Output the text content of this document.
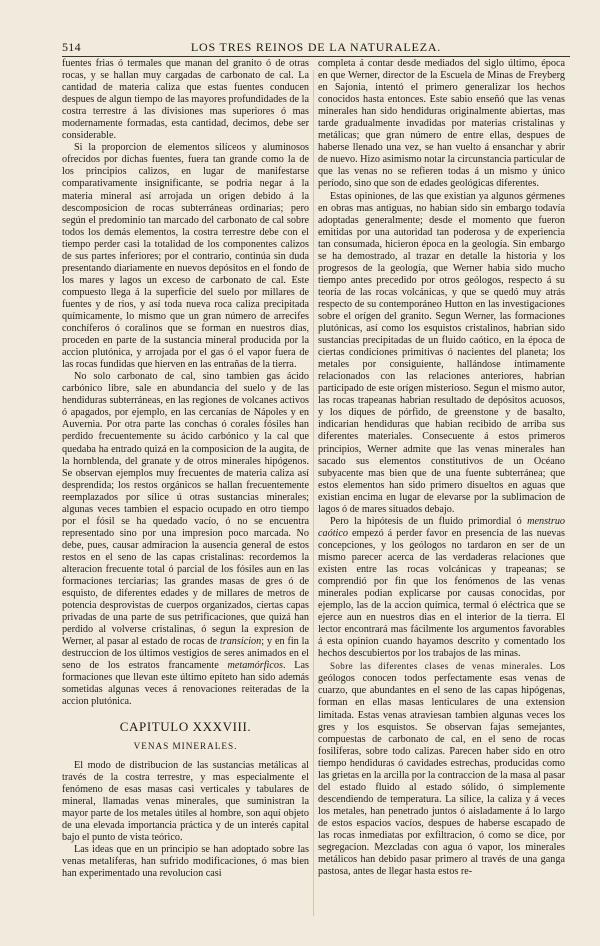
514	LOS TRES REINOS DE LA NATURALEZA.

fuentes frias ó termales que manan del granito ó de otras rocas, y se hallan muy cargadas de carbonato de cal. La cantidad de materia caliza que estas fuentes conducen despues de algun tiempo de las mayores profundidades de la costra terrestre á las divisiones mas superiores ó mas modernamente formadas, esta cantidad, decimos, debe ser considerable.

Si la proporcion de elementos silíceos y aluminosos ofrecidos por dichas fuentes, fuera tan grande como la de los principios calizos, en lugar de manifestarse comparativamente insignificante, se podria negar á la materia mineral así arrojada un origen debido á la descomposicion de rocas subterráneas ordinarias; pero según el predominio tan marcado del carbonato de cal sobre todos los demás elementos, la costra terrestre debe con el tiempo perder casi la totalidad de los componentes calizos de sus partes inferiores; por el contrario, continúa sin duda presentando diariamente en nuevos depósitos en el fondo de los mares y lagos un exceso de carbonato de cal. Este compuesto llega á la superficie del suelo por millares de fuentes y de rios, y así toda nueva roca caliza precipitada químicamente, lo mismo que un gran número de arrecifes conchíferos ó coralinos que se forman en nuestros dias, proceden en parte de la sustancia mineral producida por la accion plutónica, y arrojada por el gas ó el vapor fuera de las rocas fundidas que hierven en las entrañas de la tierra.

No solo carbonato de cal, sino tambien gas ácido carbónico libre, sale en abundancia del suelo y de las hendiduras subterráneas, en las regiones de volcanes activos ó apagados, por ejemplo, en las cercanías de Nápoles y en Auvernia. Por otra parte las conchas ó corales fósiles han perdido frecuentemente su ácido carbónico y la cal que quedaba ha entrado quizá en la composicion de la augita, de la hornblenda, del granate y de otros minerales hipógenos. Se observan ejemplos muy frecuentes de materia caliza así desprendida; los restos orgánicos se hallan frecuentemente reemplazados por sílice ú otras sustancias minerales; algunas veces tambien el espacio ocupado en otro tiempo por el fósil se ha quedado vacío, ó no se encuentra representado sino por una impresion poco marcada. No debe, pues, causar admiracion la ausencia general de estos restos en el seno de las capas cristalinas: recordemos la alteracion frecuente total ó parcial de los fósiles aun en las formaciones terciarias; las grandes masas de gres ó de esquisto, de diferentes edades y de millares de metros de potencia desprovistas de cuerpos organizados, ciertas capas privadas de una parte de sus petrificaciones, que quizá han perdido al volverse cristalinas, ó segun la expresion de Werner, al pasar al estado de rocas de transicion; y en fin la destruccion de los últimos vestigios de seres animados en el seno de los estratos francamente metamórficos. Las formaciones que llevan este último epíteto han sido además sometidas algunas veces á renovaciones reiteradas de la accion plutónica.

CAPITULO XXXVIII.
VENAS MINERALES.

El modo de distribucion de las sustancias metálicas al través de la costra terrestre, y mas especialmente el fenómeno de esas masas casi verticales y tabulares de mineral, llamadas venas minerales, que suministran la mayor parte de los metales útiles al hombre, son aquí objeto de una elevada importancia práctica y de un interés capital bajo el punto de vista teórico.

Las ideas que en un principio se han adoptado sobre las venas metalíferas, han sufrido modificaciones, ó mas bien han experimentado una revolucion casi

completa á contar desde mediados del siglo último, época en que Werner, director de la Escuela de Minas de Freyberg en Sajonia, intentó el primero generalizar los hechos conocidos hasta entonces. Este sabio enseñó que las venas minerales han sido hendiduras originalmente abiertas, mas tarde gradualmente invadidas por materias cristalinas y metálicas; que gran número de entre ellas, despues de haberse llenado una vez, se han vuelto á ensanchar y abrir de nuevo. Hizo asimismo notar la circunstancia particular de que las venas no se refieren todas á un mismo y único período, sino que son de edades geológicas diferentes.

Estas opiniones, de las que existian ya algunos gérmenes en obras mas antiguas, no habian sido sin embargo todavía adoptadas generalmente; desde el momento que fueron emitidas por una autoridad tan poderosa y de experiencia tan consumada, hicieron época en la geología. Sin embargo se ha demostrado, al trazar en detalle la historia y los progresos de la geología, que Werner habia sido mucho tiempo antes precedido por otros geólogos, respecto á su teoría de las rocas volcánicas, y que se quedó muy atrás respecto de su contemporáneo Hutton en las investigaciones sobre el orígen del granito. Segun Werner, las formaciones plutónicas, así como los esquistos cristalinos, habrian sido sustancias precipitadas de un fluido caótico, en la época de ciertas condiciones primitivas ó nacientes del planeta; los metales por consiguiente, hallándose íntimamente relacionados con las relaciones anteriores, habrian participado de este orígen misterioso. Segun el mismo autor, las rocas trapeanas habrian resultado de depósitos acuosos, y los diques de pórfido, de greenstone y de basalto, indicarian hendiduras que habian recibido de arriba sus diferentes materiales. Consecuente á estos primeros principios, Werner admite que las venas minerales han sacado sus elementos constitutivos de un Océano subyacente mas bien que de una fuente subterránea; que estos elementos han sido primero disueltos en aguas que existian encima en lugar de elevarse por la sublimacion de lagos ó de mares situados debajo.

Pero la hipótesis de un fluido primordial ó menstruo caótico empezó á perder favor en presencia de las nuevas concepciones, y los geólogos no tardaron en ser de un mismo parecer acerca de las verdaderas relaciones que existen entre las rocas volcánicas y trapeanas; se comprendió por fin que los fenómenos de las venas minerales podian explicarse por causas conocidas, por ejemplo, las de la accion química, termal ó eléctrica que se ejerce aun en nuestros dias en el interior de la tierra. El lector encontrará mas fácilmente los argumentos favorables á esta opinion cuando hayamos descrito y comentado los hechos descubiertos por los trabajos de las minas.

Sobre las diferentes clases de venas minerales. Los geólogos conocen todos perfectamente esas venas de cuarzo, que abundantes en el seno de las capas hipógenas, forman en ellas masas lenticulares de una extension limitada. Estas venas atraviesan tambien algunas veces los gres y los esquistos. Se observan fajas semejantes, compuestas de carbonato de cal, en el seno de rocas fosilíferas, sobre todo calizas. Parecen haber sido en otro tiempo hendiduras ó cavidades estrechas, producidas como las grietas en la arcilla por la contraccion de la masa al pasar del estado fluido al estado sólido, ó simplemente descendiendo de temperatura. La sílice, la caliza y á veces los metales, han penetrado juntos ó aisladamente á lo largo de estos espacios vacíos, despues de haberse escapado de las rocas inmediatas por exfiltracion, ó como se dice, por segregacion. Mezcladas con agua ó vapor, los minerales metálicos han debido pasar primero al través de una ganga pastosa, antes de llegar hasta estos re-
